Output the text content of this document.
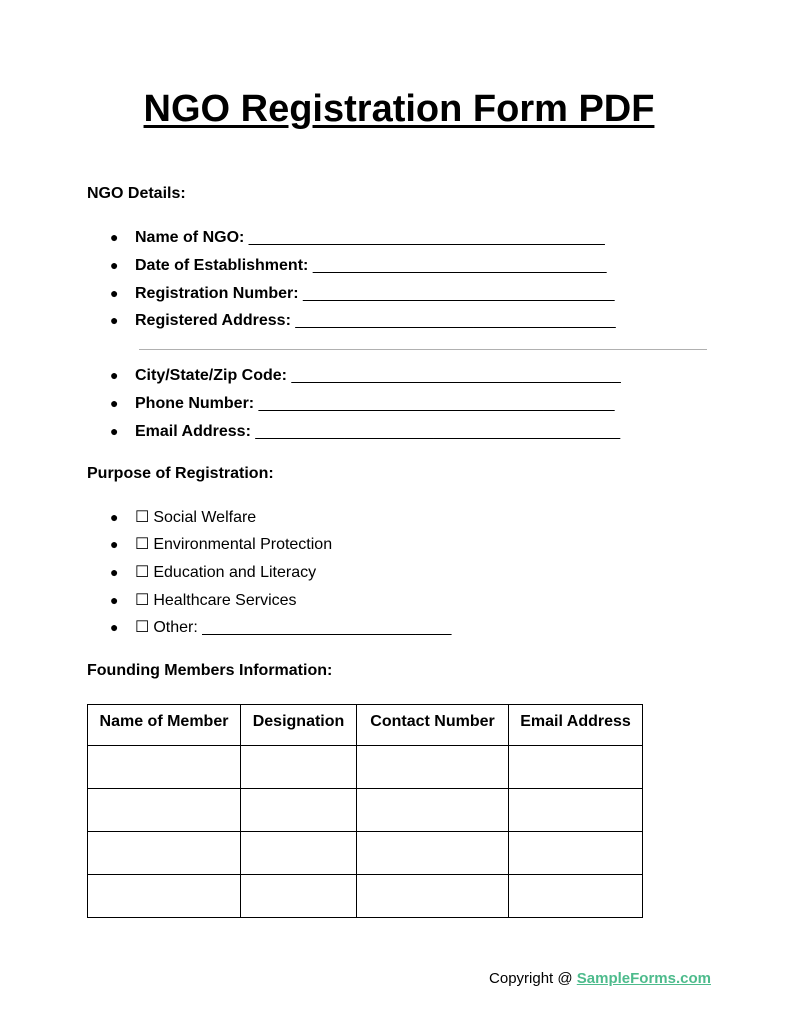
NGO Registration Form PDF

NGO Details:

● Name of NGO: ________________________________________
● Date of Establishment: _________________________________
● Registration Number: ___________________________________
● Registered Address: ____________________________________
● City/State/Zip Code: _____________________________________
● Phone Number: ________________________________________
● Email Address: _________________________________________

Purpose of Registration:

● ☐ Social Welfare
● ☐ Environmental Protection
● ☐ Education and Literacy
● ☐ Healthcare Services
● ☐ Other: ____________________________

Founding Members Information:

Name of Member	Designation	Contact Number	Email Address

Copyright @ SampleForms.com
